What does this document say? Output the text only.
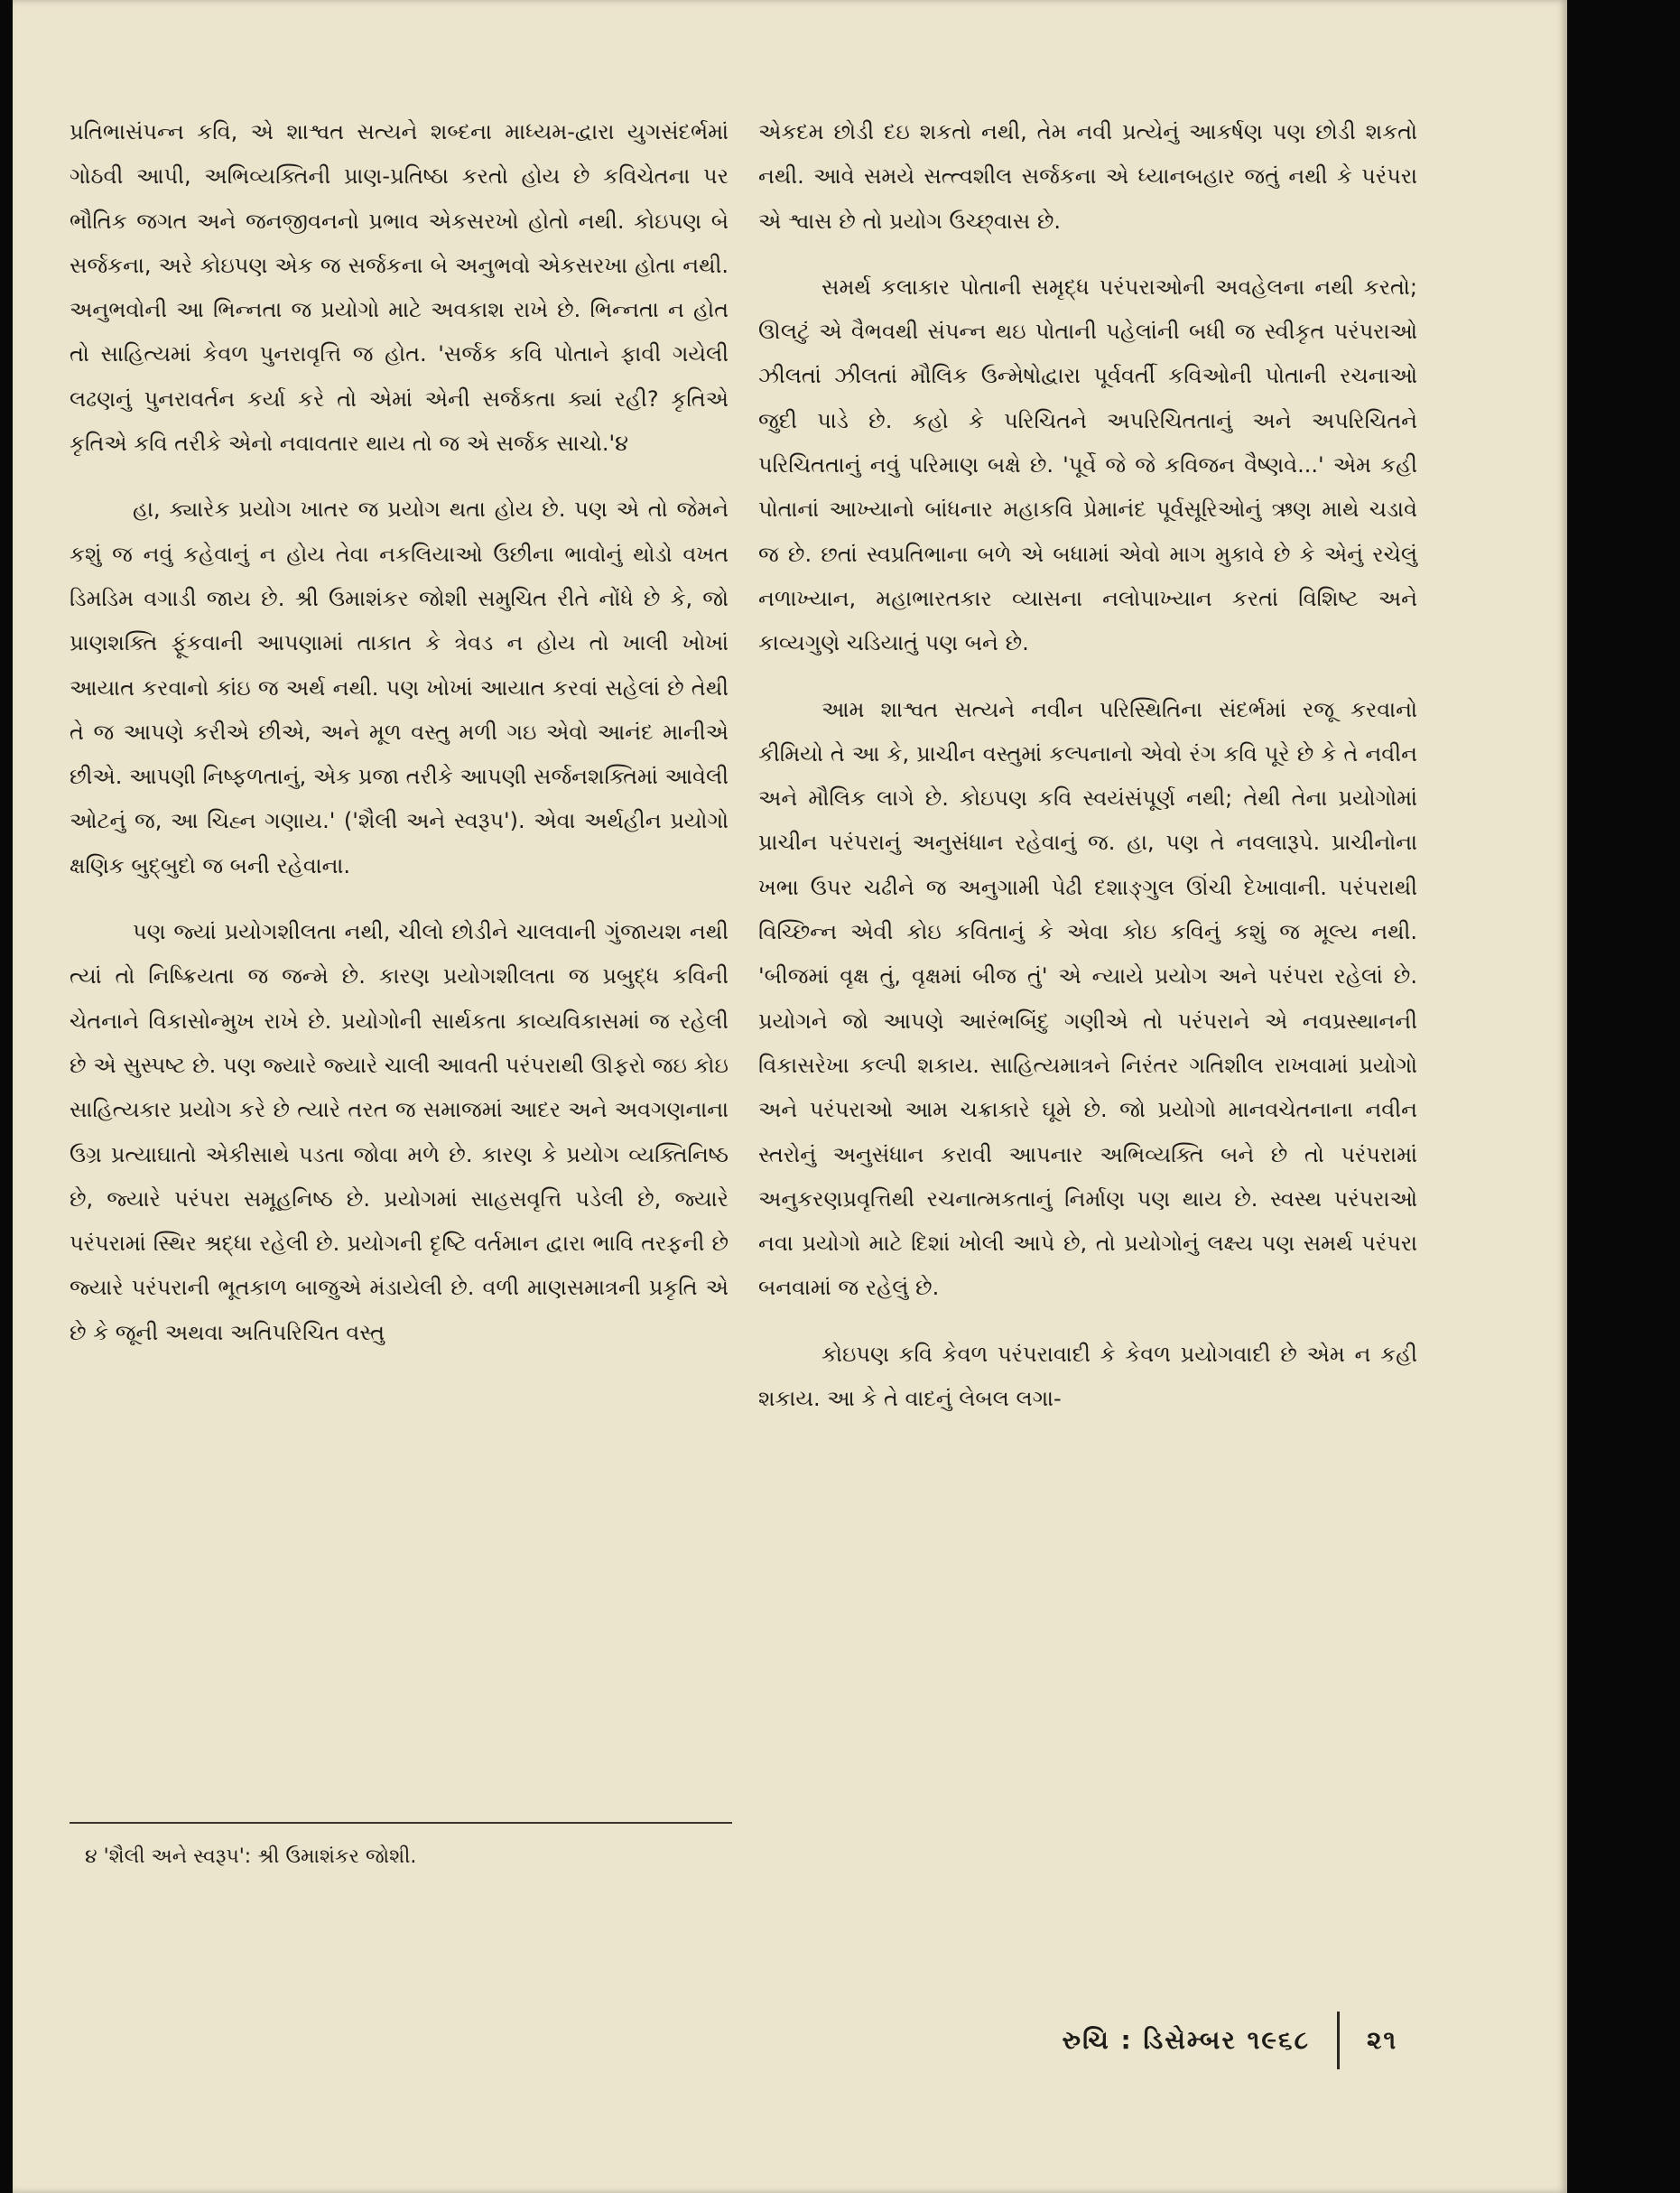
પ્રતિભાસંપન્ન કવિ, એ શાશ્વત સત્યને શબ્દના માધ્યમ-દ્વારા યુગસંદર્ભમાં ગોઠવી આપી, અભિવ્યક્તિની પ્રાણ-પ્રતિષ્ઠા કરતો હોય છે કવિચેતના પર ભૌતિક જગત અને જનજીવનનો પ્રભાવ એકસરખો હોતો નથી. કોઇપણ બે સર્જકના, અરે કોઇપણ એક જ સર્જકના બે અનુભવો એકસરખા હોતા નથી. અનુભવોની આ ભિન્નતા જ પ્રયોગો માટે અવકાશ રાખે છે. ભિન્નતા ન હોત તો સાહિત્યમાં કેવળ પુનરાવૃત્તિ જ હોત. 'સર્જક કવિ પોતાને ફાવી ગયેલી લઢણનું પુનરાવર્તન કર્યા કરે તો એમાં એની સર્જકતા ક્યાં રહી? કૃતિએ કૃતિએ કવિ તરીકે એનો નવાવતાર થાય તો જ એ સર્જક સાચો.'૪

હા, ક્યારેક પ્રયોગ ખાતર જ પ્રયોગ થતા હોય છે. પણ એ તો જેમને કશું જ નવું કહેવાનું ન હોય તેવા નકલિયાઓ ઉછીના ભાવોનું થોડો વખત ડિમડિમ વગાડી જાય છે. શ્રી ઉમાશંકર જોશી સમુચિત રીતે નોંધે છે કે, જો પ્રાણશક્તિ ફૂંકવાની આપણામાં તાકાત કે ત્રેવડ ન હોય તો ખાલી ખોખાં આયાત કરવાનો કાંઇ જ અર્થ નથી. પણ ખોખાં આયાત કરવાં સહેલાં છે તેથી તે જ આપણે કરીએ છીએ, અને મૂળ વસ્તુ મળી ગઇ એવો આનંદ માનીએ છીએ. આપણી નિષ્ફળતાનું, એક પ્રજા તરીકે આપણી સર્જનશક્તિમાં આવેલી ઓટનું જ, આ ચિહ્ન ગણાય.' ('શૈલી અને સ્વરૂપ'). એવા અર્થહીન પ્રયોગો ક્ષણિક બુદ્‌બુદો જ બની રહેવાના.

પણ જ્યાં પ્રયોગશીલતા નથી, ચીલો છોડીને ચાલવાની ગુંજાયશ નથી ત્યાં તો નિષ્ક્રિયતા જ જન્મે છે. કારણ પ્રયોગશીલતા જ પ્રબુદ્ધ કવિની ચેતનાને વિકાસોન્મુખ રાખે છે. પ્રયોગોની સાર્થકતા કાવ્યવિકાસમાં જ રહેલી છે એ સુસ્પષ્ટ છે. પણ જ્યારે જ્યારે ચાલી આવતી પરંપરાથી ઊફરો જઇ કોઇ સાહિત્યકાર પ્રયોગ કરે છે ત્યારે તરત જ સમાજમાં આદર અને અવગણનાના ઉગ્ર પ્રત્યાઘાતો એકીસાથે પડતા જોવા મળે છે. કારણ કે પ્રયોગ વ્યક્તિનિષ્ઠ છે, જ્યારે પરંપરા સમૂહનિષ્ઠ છે. પ્રયોગમાં સાહસવૃત્તિ પડેલી છે, જ્યારે પરંપરામાં સ્થિર શ્રદ્ધા રહેલી છે. પ્રયોગની દૃષ્ટિ વર્તમાન દ્વારા ભાવિ તરફની છે જ્યારે પરંપરાની ભૂતકાળ બાજુએ મંડાયેલી છે. વળી માણસમાત્રની પ્રકૃતિ એ છે કે જૂની અથવા અતિપરિચિત વસ્તુ

એકદમ છોડી દઇ શકતો નથી, તેમ નવી પ્રત્યેનું આકર્ષણ પણ છોડી શકતો નથી. આવે સમયે સત્ત્વશીલ સર્જકના એ ધ્યાનબહાર જતું નથી કે પરંપરા એ શ્વાસ છે તો પ્રયોગ ઉચ્છ્‌વાસ છે.

સમર્થ કલાકાર પોતાની સમૃદ્ધ પરંપરાઓની અવહેલના નથી કરતો; ઊલટું એ વૈભવથી સંપન્ન થઇ પોતાની પહેલાંની બધી જ સ્વીકૃત પરંપરાઓ ઝીલતાં ઝીલતાં મૌલિક ઉન્મેષોદ્વારા પૂર્વવર્તી કવિઓની પોતાની રચનાઓ જુદી પાડે છે. કહો કે પરિચિતને અપરિચિતતાનું અને અપરિચિતને પરિચિતતાનું નવું પરિમાણ બક્ષે છે. 'પૂર્વે જે જે કવિજન વૈષ્ણવે...' એમ કહી પોતાનાં આખ્યાનો બાંધનાર મહાકવિ પ્રેમાનંદ પૂર્વસૂરિઓનું ઋણ માથે ચડાવે જ છે. છતાં સ્વપ્રતિભાના બળે એ બધામાં એવો માગ મુકાવે છે કે એનું રચેલું નળાખ્યાન, મહાભારતકાર વ્યાસના નલોપાખ્યાન કરતાં વિશિષ્ટ અને કાવ્યગુણે ચડિયાતું પણ બને છે.

આમ શાશ્વત સત્યને નવીન પરિસ્થિતિના સંદર્ભમાં રજૂ કરવાનો કીમિયો તે આ કે, પ્રાચીન વસ્તુમાં કલ્પનાનો એવો રંગ કવિ પૂરે છે કે તે નવીન અને મૌલિક લાગે છે. કોઇપણ કવિ સ્વયંસંપૂર્ણ નથી; તેથી તેના પ્રયોગોમાં પ્રાચીન પરંપરાનું અનુસંધાન રહેવાનું જ. હા, પણ તે નવલારૂપે. પ્રાચીનોના ખભા ઉપર ચઢીને જ અનુગામી પેઢી દશાઙ્ગુલ ઊંચી દેખાવાની. પરંપરાથી વિચ્છિન્ન એવી કોઇ કવિતાનું કે એવા કોઇ કવિનું કશું જ મૂલ્ય નથી. 'બીજમાં વૃક્ષ તું, વૃક્ષમાં બીજ તું' એ ન્યાયે પ્રયોગ અને પરંપરા રહેલાં છે. પ્રયોગને જો આપણે આરંભબિંદુ ગણીએ તો પરંપરાને એ નવપ્રસ્થાનની વિકાસરેખા કલ્પી શકાય. સાહિત્યમાત્રને નિરંતર ગતિશીલ રાખવામાં પ્રયોગો અને પરંપરાઓ આમ ચક્રાકારે ઘૂમે છે. જો પ્રયોગો માનવચેતનાના નવીન સ્તરોનું અનુસંધાન કરાવી આપનાર અભિવ્યક્તિ બને છે તો પરંપરામાં અનુકરણપ્રવૃત્તિથી રચનાત્મકતાનું નિર્માણ પણ થાય છે. સ્વસ્થ પરંપરાઓ નવા પ્રયોગો માટે દિશાં ખોલી આપે છે, તો પ્રયોગોનું લક્ષ્ય પણ સમર્થ પરંપરા બનવામાં જ રહેલું છે.

કોઇપણ કવિ કેવળ પરંપરાવાદી કે કેવળ પ્રયોગવાદી છે એમ ન કહી શકાય. આ કે તે વાદનું લેબલ લગા-

૪ 'શૈલી અને સ્વરૂપ': શ્રી ઉમાશંકર જોશી.
રુચિ : ડિસેમ્બર ૧૯૬૮ ૨૧
